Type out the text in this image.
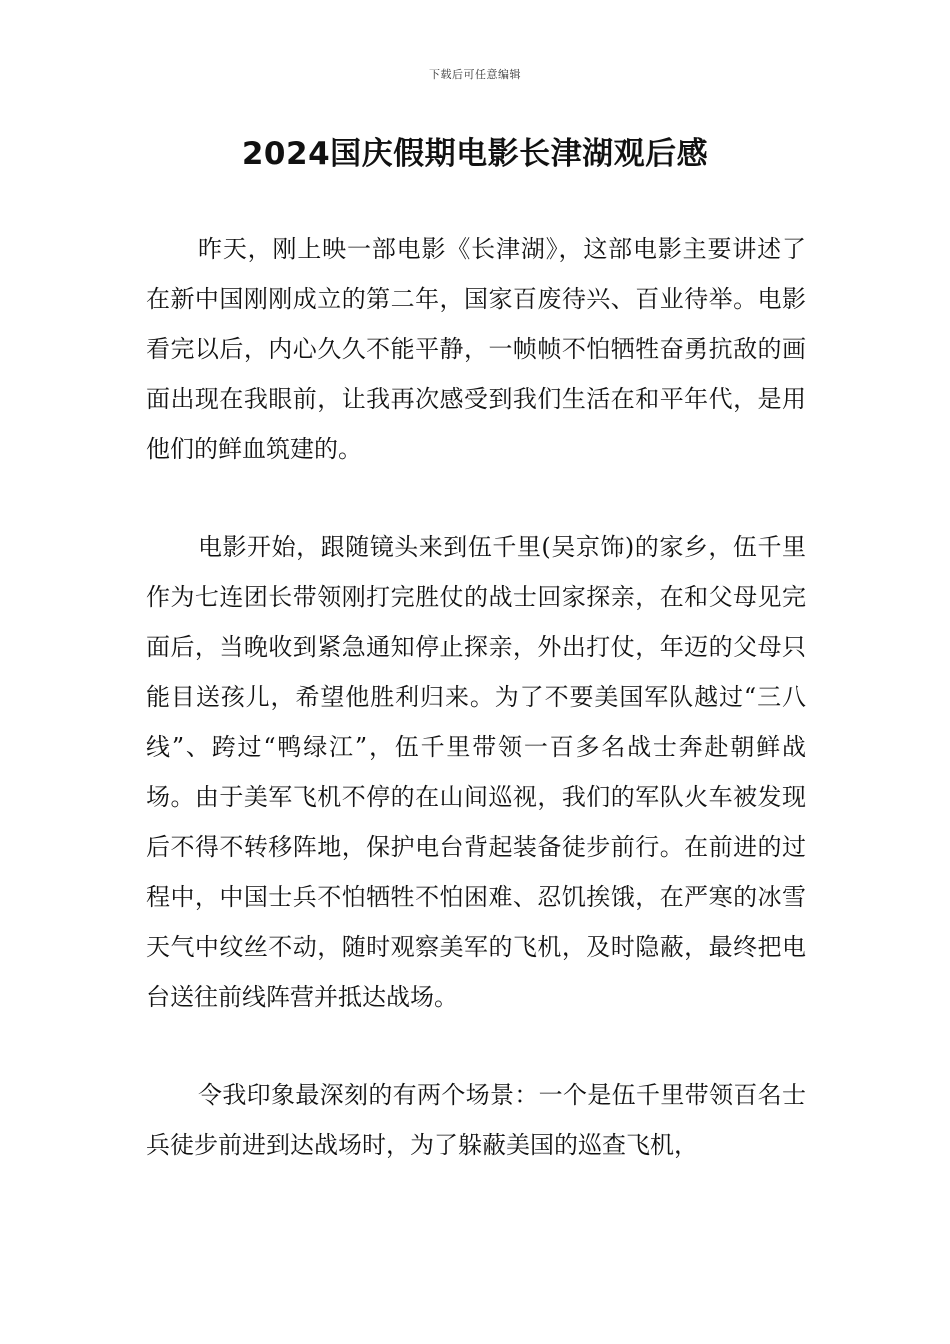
下载后可任意编辑
2024国庆假期电影长津湖观后感

昨天，刚上映一部电影《长津湖》，这部电影主要讲述了在新中国刚刚成立的第二年，国家百废待兴、百业待举。电影看完以后，内心久久不能平静，一帧帧不怕牺牲奋勇抗敌的画面出现在我眼前，让我再次感受到我们生活在和平年代，是用他们的鲜血筑建的。

电影开始，跟随镜头来到伍千里(吴京饰)的家乡，伍千里作为七连团长带领刚打完胜仗的战士回家探亲，在和父母见完面后，当晚收到紧急通知停止探亲，外出打仗，年迈的父母只能目送孩儿，希望他胜利归来。为了不要美国军队越过“三八线”、跨过“鸭绿江”，伍千里带领一百多名战士奔赴朝鲜战场。由于美军飞机不停的在山间巡视，我们的军队火车被发现后不得不转移阵地，保护电台背起装备徒步前行。在前进的过程中，中国士兵不怕牺牲不怕困难、忍饥挨饿，在严寒的冰雪天气中纹丝不动，随时观察美军的飞机，及时隐蔽，最终把电台送往前线阵营并抵达战场。

令我印象最深刻的有两个场景：一个是伍千里带领百名士兵徒步前进到达战场时，为了躲蔽美国的巡查飞机，
